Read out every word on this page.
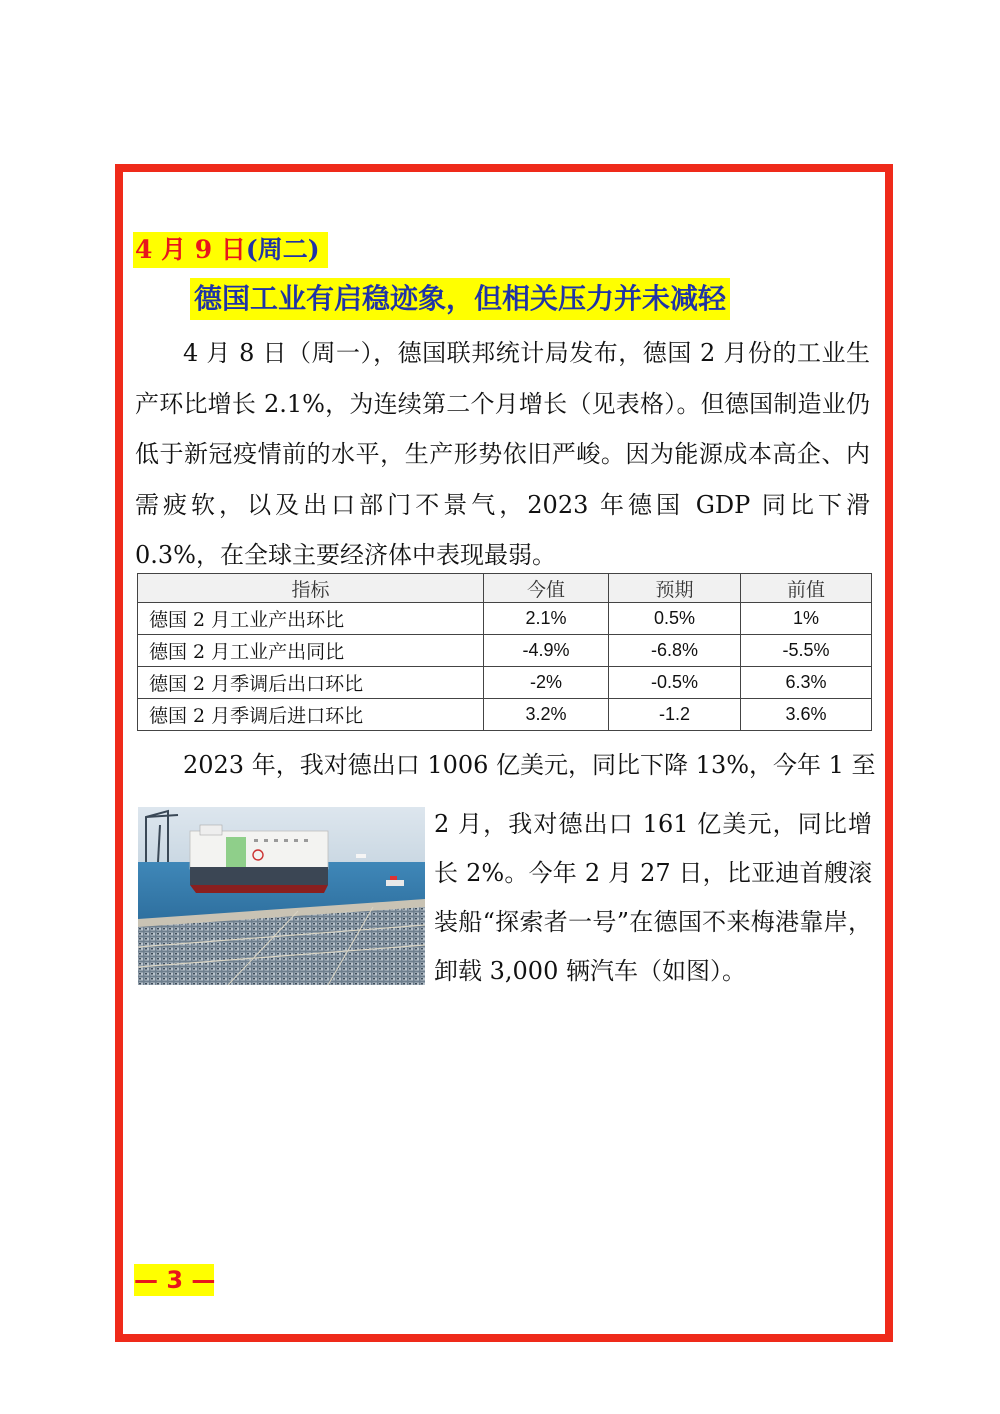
4 月 9 日(周二)
德国工业有启稳迹象，但相关压力并未减轻

4 月 8 日（周一），德国联邦统计局发布，德国 2 月份的工业生产环比增长 2.1%，为连续第二个月增长（见表格）。但德国制造业仍低于新冠疫情前的水平，生产形势依旧严峻。因为能源成本高企、内需疲软，以及出口部门不景气，2023 年德国 GDP 同比下滑 0.3%，在全球主要经济体中表现最弱。

指标	今值	预期	前值
德国 2 月工业产出环比	2.1%	0.5%	1%
德国 2 月工业产出同比	-4.9%	-6.8%	-5.5%
德国 2 月季调后出口环比	-2%	-0.5%	6.3%
德国 2 月季调后进口环比	3.2%	-1.2	3.6%

2023 年，我对德出口 1006 亿美元，同比下降 13%，今年 1 至

2 月，我对德出口 161 亿美元，同比增长 2%。今年 2 月 27 日，比亚迪首艘滚装船“探索者一号”在德国不来梅港靠岸，卸载 3,000 辆汽车（如图）。

— 3 —
